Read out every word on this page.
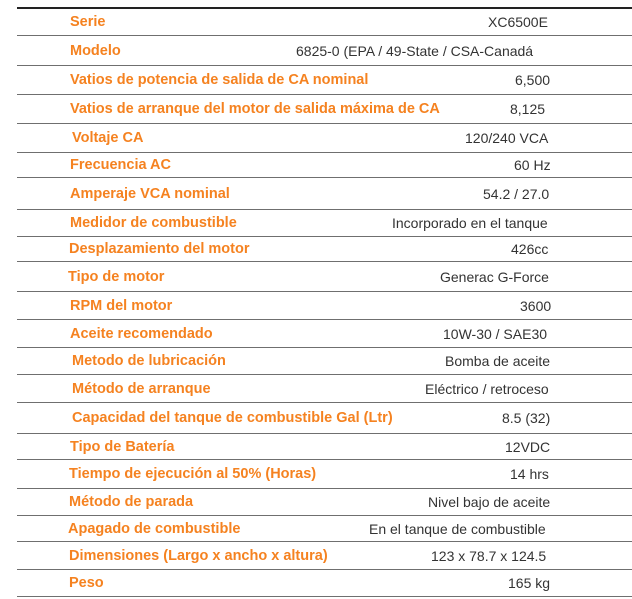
Serie	XC6500E
Modelo	6825-0 (EPA / 49-State / CSA-Canadá
Vatios de potencia de salida de CA nominal	6,500
Vatios de arranque del motor de salida máxima de CA	8,125
Voltaje CA	120/240 VCA
Frecuencia AC	60 Hz
Amperaje VCA nominal	54.2 / 27.0
Medidor de combustible	Incorporado en el tanque
Desplazamiento del motor	426cc
Tipo de motor	Generac G-Force
RPM del motor	3600
Aceite recomendado	10W-30 / SAE30
Metodo de lubricación	Bomba de aceite
Método de arranque	Eléctrico / retroceso
Capacidad del tanque de combustible Gal (Ltr)	8.5 (32)
Tipo de Batería	12VDC
Tiempo de ejecución al 50% (Horas)	14 hrs
Método de parada	Nivel bajo de aceite
Apagado de combustible	En el tanque de combustible
Dimensiones (Largo x ancho x altura)	123 x 78.7 x 124.5
Peso	165 kg
